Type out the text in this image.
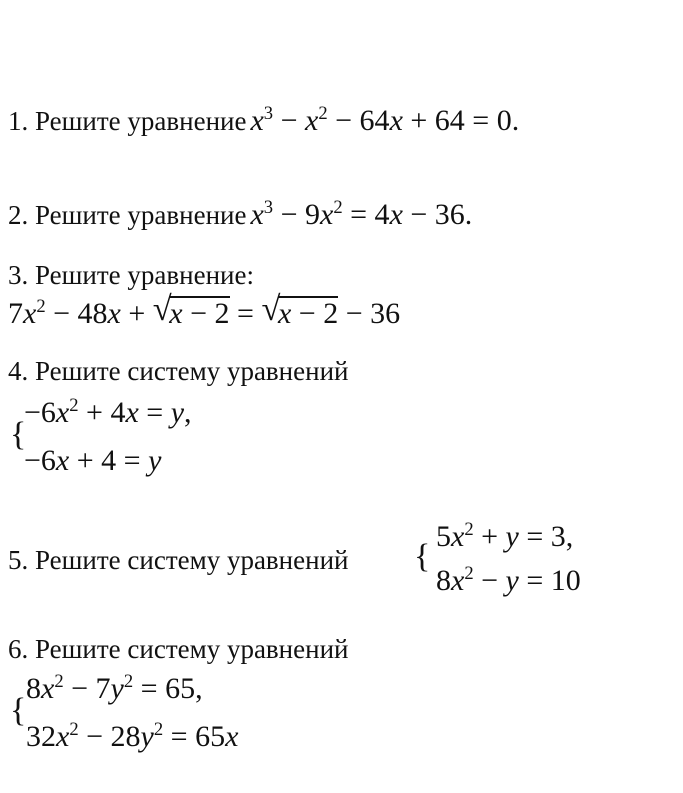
1. Решите уравнение $x^3 - x^2 - 64x + 64 = 0$.
2. Решите уравнение $x^3 - 9x^2 = 4x - 36$.
3. Решите уравнение:
$7x^2 - 48x$ + √ x − 2 = √ x − 2 − 36
4. Решите систему уравнений
{
$-6x^2 + 4x = y$,
−6x + 4 = y
5. Решите систему уравнений {
$5x^2 + y = 3$,
$8x^2 - y = 10$
6. Решите систему уравнений
{
$8x^2 - 7y^2 = 65$,
$32x^2 - 28y^2 = 65x$
